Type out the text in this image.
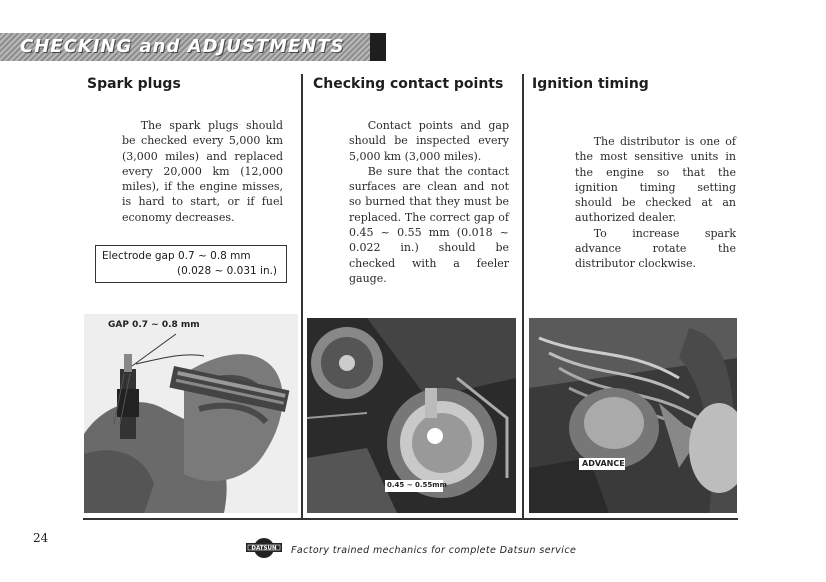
CHECKING and ADJUSTMENTS
Spark plugs

The spark plugs should be checked every 5,000 km (3,000 miles) and replaced every 20,000 km (12,000 miles), if the engine misses, is hard to start, or if fuel economy decreases.

Electrode gap 0.7 ~ 0.8 mm
(0.028 ~ 0.031 in.)
GAP 0.7 ~ 0.8 mm
Checking contact points

Contact points and gap should be inspected every 5,000 km (3,000 miles).

Be sure that the contact surfaces are clean and not so burned that they must be replaced. The correct gap of 0.45 ~ 0.55 mm (0.018 ~ 0.022 in.) should be checked with a feeler gauge.

0.45 ~ 0.55mm
Ignition timing

The distributor is one of the most sensitive units in the engine so that the ignition timing setting should be checked at an authorized dealer.

To increase spark advance rotate the distributor clockwise.

ADVANCE
24
DATSUN Factory trained mechanics for complete Datsun service
